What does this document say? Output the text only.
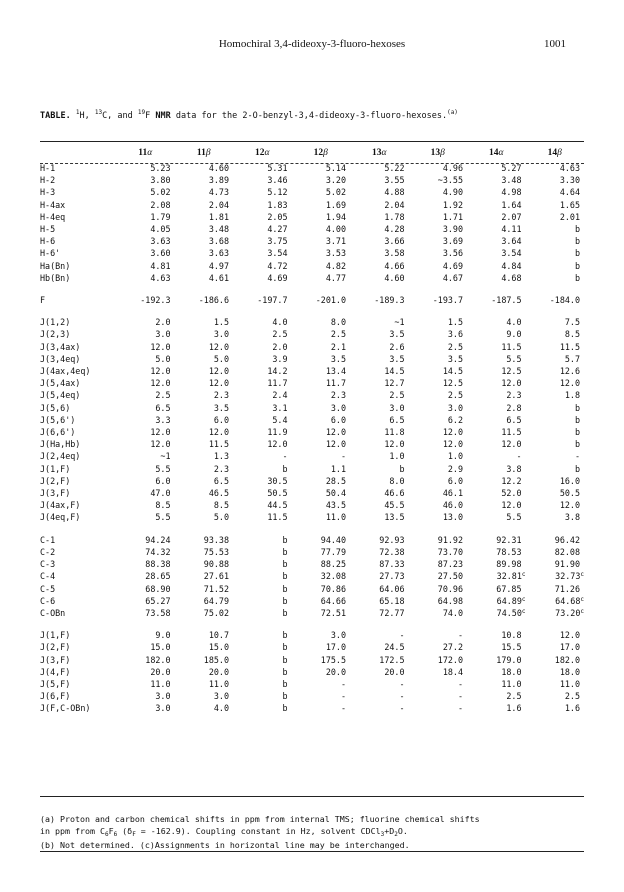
Homochiral 3,4-dideoxy-3-fluoro-hexoses	1001
TABLE. $^1$H, $^{13}$C, and $^{19}$F NMR data for the 2-O-benzyl-3,4-dideoxy-3-fluoro-hexoses.$^{(a)}$
	11α	11β	12α	12β	13α	13β	14α	14β
H-1	5.23	4.60	5.31	5.14	5.22	4.96	5.27	4.63
H-2	3.80	3.89	3.46	3.20	3.55	~3.55	3.48	3.30
H-3	5.02	4.73	5.12	5.02	4.88	4.90	4.98	4.64
H-4ax	2.08	2.04	1.83	1.69	2.04	1.92	1.64	1.65
H-4eq	1.79	1.81	2.05	1.94	1.78	1.71	2.07	2.01
H-5	4.05	3.48	4.27	4.00	4.28	3.90	4.11	b
H-6	3.63	3.68	3.75	3.71	3.66	3.69	3.64	b
H-6'	3.60	3.63	3.54	3.53	3.58	3.56	3.54	b
Ha(Bn)	4.81	4.97	4.72	4.82	4.66	4.69	4.84	b
Hb(Bn)	4.63	4.61	4.69	4.77	4.60	4.67	4.68	b

F	-192.3	-186.6	-197.7	-201.0	-189.3	-193.7	-187.5	-184.0

J(1,2)	2.0	1.5	4.0	8.0	~1	1.5	4.0	7.5
J(2,3)	3.0	3.0	2.5	2.5	3.5	3.6	9.0	8.5
J(3,4ax)	12.0	12.0	2.0	2.1	2.6	2.5	11.5	11.5
J(3,4eq)	5.0	5.0	3.9	3.5	3.5	3.5	5.5	5.7
J(4ax,4eq)	12.0	12.0	14.2	13.4	14.5	14.5	12.5	12.6
J(5,4ax)	12.0	12.0	11.7	11.7	12.7	12.5	12.0	12.0
J(5,4eq)	2.5	2.3	2.4	2.3	2.5	2.5	2.3	1.8
J(5,6)	6.5	3.5	3.1	3.0	3.0	3.0	2.8	b
J(5,6')	3.3	6.0	5.4	6.0	6.5	6.2	6.5	b
J(6,6')	12.0	12.0	11.9	12.0	11.8	12.0	11.5	b
J(Ha,Hb)	12.0	11.5	12.0	12.0	12.0	12.0	12.0	b
J(2,4eq)	~1	1.3	-	-	1.0	1.0	-	-
J(1,F)	5.5	2.3	b	1.1	b	2.9	3.8	b
J(2,F)	6.0	6.5	30.5	28.5	8.0	6.0	12.2	16.0
J(3,F)	47.0	46.5	50.5	50.4	46.6	46.1	52.0	50.5
J(4ax,F)	8.5	8.5	44.5	43.5	45.5	46.0	12.0	12.0
J(4eq,F)	5.5	5.0	11.5	11.0	13.5	13.0	5.5	3.8

C-1	94.24	93.38	b	94.40	92.93	91.92	92.31	96.42
C-2	74.32	75.53	b	77.79	72.38	73.70	78.53	82.08
C-3	88.38	90.88	b	88.25	87.33	87.23	89.98	91.90
C-4	28.65	27.61	b	32.08	27.73	27.50	32.81$^c$	32.73$^c$
C-5	68.90	71.52	b	70.86	64.06	70.96	67.85	71.26
C-6	65.27	64.79	b	64.66	65.18	64.98	64.89$^c$	64.68$^c$
C-OBn	73.58	75.02	b	72.51	72.77	74.0	74.50$^c$	73.20$^c$

J(1,F)	9.0	10.7	b	3.0	-	-	10.8	12.0
J(2,F)	15.0	15.0	b	17.0	24.5	27.2	15.5	17.0
J(3,F)	182.0	185.0	b	175.5	172.5	172.0	179.0	182.0
J(4,F)	20.0	20.0	b	20.0	20.0	18.4	18.0	18.0
J(5,F)	11.0	11.0	b	-	-	-	11.0	11.0
J(6,F)	3.0	3.0	b	-	-	-	2.5	2.5
J(F,C-OBn)	3.0	4.0	b	-	-	-	1.6	1.6
(a) Proton and carbon chemical shifts in ppm from internal TMS; fluorine chemical shifts
in ppm from $C_6F_6$ $(\delta_F = -162.9)$. Coupling constant in Hz, solvent $CDCl_3+D_2O$.
(b) Not determined. (c)Assignments in horizontal line may be interchanged.
